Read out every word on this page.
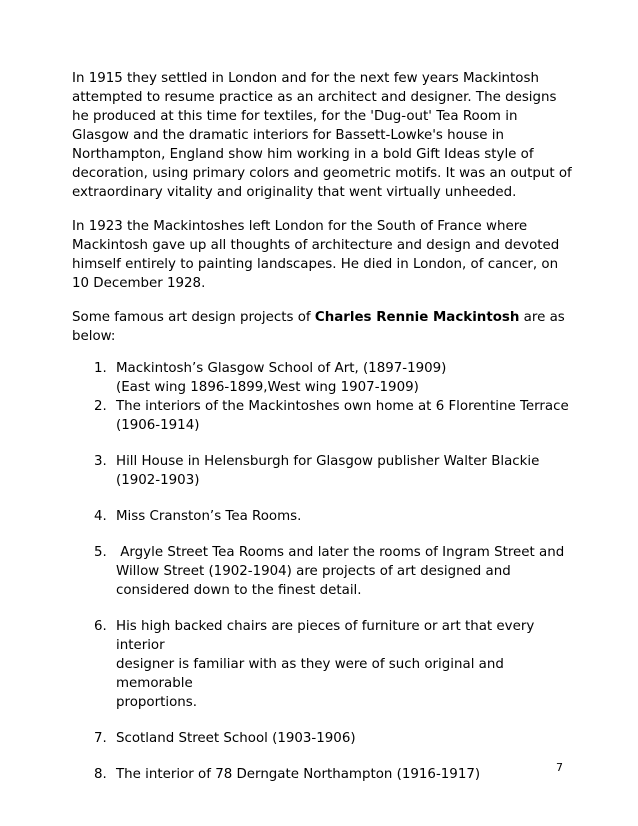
In 1915 they settled in London and for the next few years Mackintosh attempted to resume practice as an architect and designer. The designs he produced at this time for textiles, for the 'Dug-out' Tea Room in Glasgow and the dramatic interiors for Bassett-Lowke's house in Northampton, England show him working in a bold Gift Ideas style of decoration, using primary colors and geometric motifs. It was an output of extraordinary vitality and originality that went virtually unheeded.

In 1923 the Mackintoshes left London for the South of France where Mackintosh gave up all thoughts of architecture and design and devoted himself entirely to painting landscapes. He died in London, of cancer, on 10 December 1928.

Some famous art design projects of Charles Rennie Mackintosh are as below:

1. Mackintosh’s Glasgow School of Art, (1897-1909)
(East wing 1896-1899,West wing 1907-1909)
2. The interiors of the Mackintoshes own home at 6 Florentine Terrace
(1906-1914)
3. Hill House in Helensburgh for Glasgow publisher Walter Blackie
(1902-1903)
4. Miss Cranston’s Tea Rooms.
5. Argyle Street Tea Rooms and later the rooms of Ingram Street and
Willow Street (1902-1904) are projects of art designed and
considered down to the finest detail.
6. His high backed chairs are pieces of furniture or art that every interior
designer is familiar with as they were of such original and memorable
proportions.
7. Scotland Street School (1903-1906)
8. The interior of 78 Derngate Northampton (1916-1917)	7
